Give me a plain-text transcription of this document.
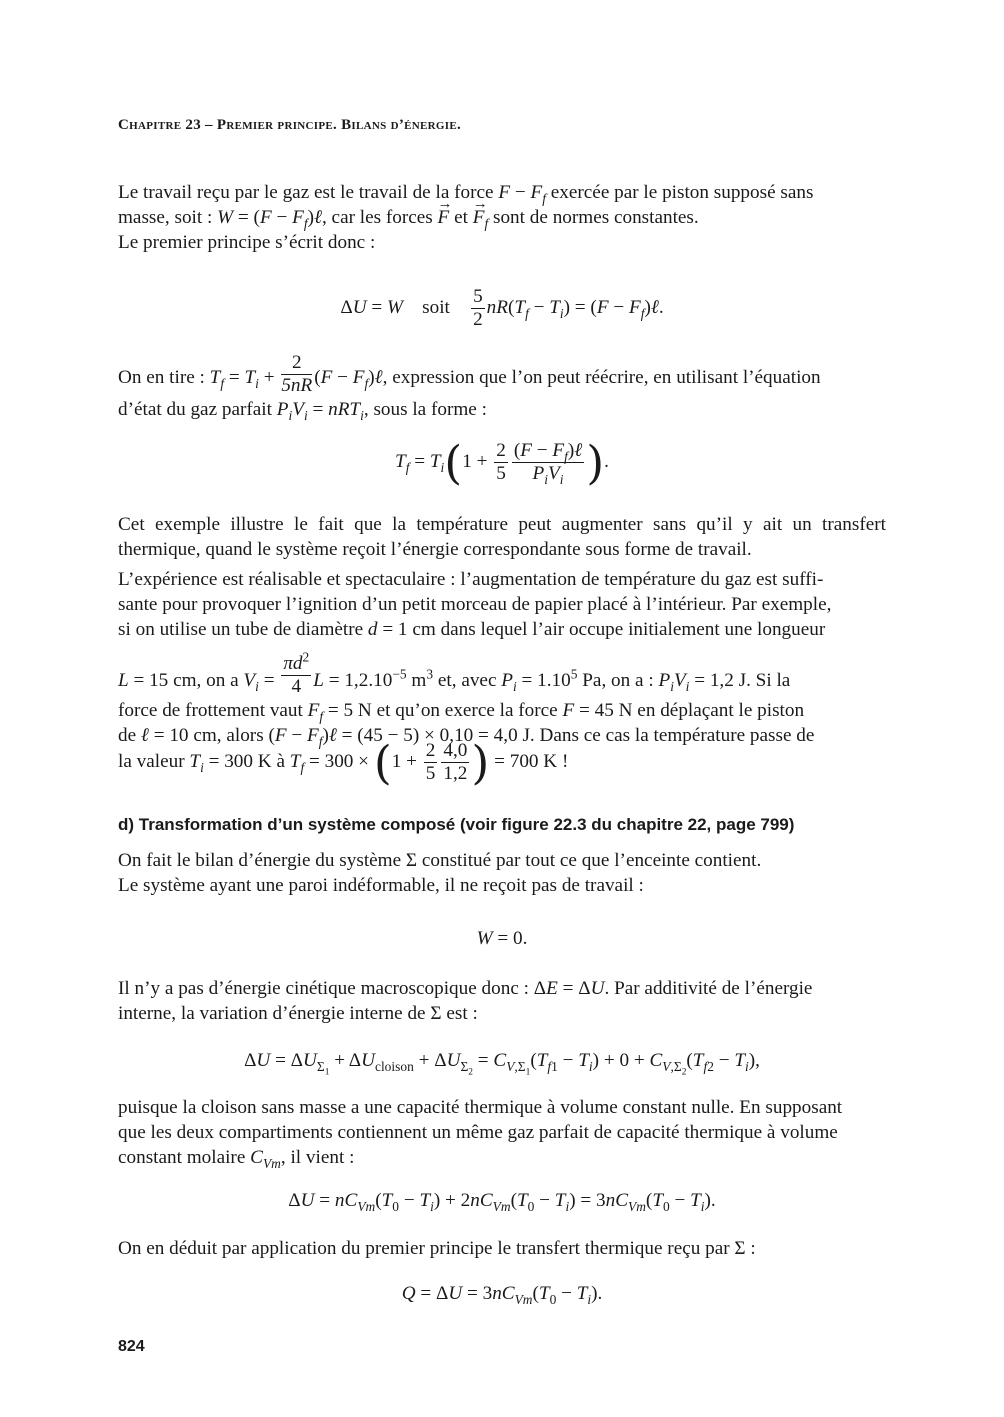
Chapitre 23 – Premier principe. Bilans d’énergie.

Le travail reçu par le gaz est le travail de la force $F - F_f$ exercée par le piston supposé sans
masse, soit : $W = (F - F_f)\ell$, car les forces → F et → $F_f$ sont de normes constantes.
Le premier principe s’écrit donc :

ΔU = W soit $\frac{5}{2} nR(T_f - T_i) = (F$ − $F_f)\ell$.

On en tire : $T_f = T_i + \frac{2}{5nR} (F$ − $F_f)\ell$, expression que l’on peut réécrire, en utilisant l’équation
d’état du gaz parfait $P_iV_i = nRT_i$, sous la forme :

$T_f = T_i(1 + \frac{2}{5} \frac{(F - F_f)\ell}{P_iV_i}$ ).

Cet exemple illustre le fait que la température peut augmenter sans qu’il y ait un transfert thermique, quand le système reçoit l’énergie correspondante sous forme de travail.

L’expérience est réalisable et spectaculaire : l’augmentation de température du gaz est suffi-
sante pour provoquer l’ignition d’un petit morceau de papier placé à l’intérieur. Par exemple,
si on utilise un tube de diamètre d = 1 cm dans lequel l’air occupe initialement une longueur

L = 15 cm, on a $V_i = \frac{\pi d^2}{4}$ $L = 1,2.10^{-5}$ $m^3$ et, avec $P_i = 1.10^5$ Pa, on a : $P_iV_i = 1,2$ J. Si la
force de frottement vaut $F_f = 5$ N et qu’on exerce la force F = 45 N en déplaçant le piston
de ℓ = 10 cm, alors $(F - F_f)\ell = (45 - 5) \times 0,10 = 4,0$ J. Dans ce cas la température passe de

la valeur $T_i = 300$ K à $T_f = 300 \times (1 + \frac{2}{5} \frac{4,0}{1,2}$ ) = 700 K !

d) Transformation d’un système composé (voir figure 22.3 du chapitre 22, page 799)

On fait le bilan d’énergie du système Σ constitué par tout ce que l’enceinte contient.
Le système ayant une paroi indéformable, il ne reçoit pas de travail :

W = 0.

Il n’y a pas d’énergie cinétique macroscopique donc : ΔE = ΔU. Par additivité de l’énergie
interne, la variation d’énergie interne de Σ est :

$\Delta U = \Delta U_{\Sigma_1} + \Delta U_{cloison} + \Delta U_{\Sigma_2} = C_{V,\Sigma_1}(T_{f1} - T_i) + 0 + C_{V,\Sigma_2}(T_{f2} - T_i)$,

puisque la cloison sans masse a une capacité thermique à volume constant nulle. En supposant
que les deux compartiments contiennent un même gaz parfait de capacité thermique à volume
constant molaire $C_{Vm}$, il vient :

$\Delta U = nC_{Vm}(T_0 - T_i) + 2nC_{Vm}(T_0 - T_i) = 3nC_{Vm}(T_0 - T_i)$.

On en déduit par application du premier principe le transfert thermique reçu par Σ :

$Q = \Delta U = 3nC_{Vm}(T_0 - T_i)$.
824
